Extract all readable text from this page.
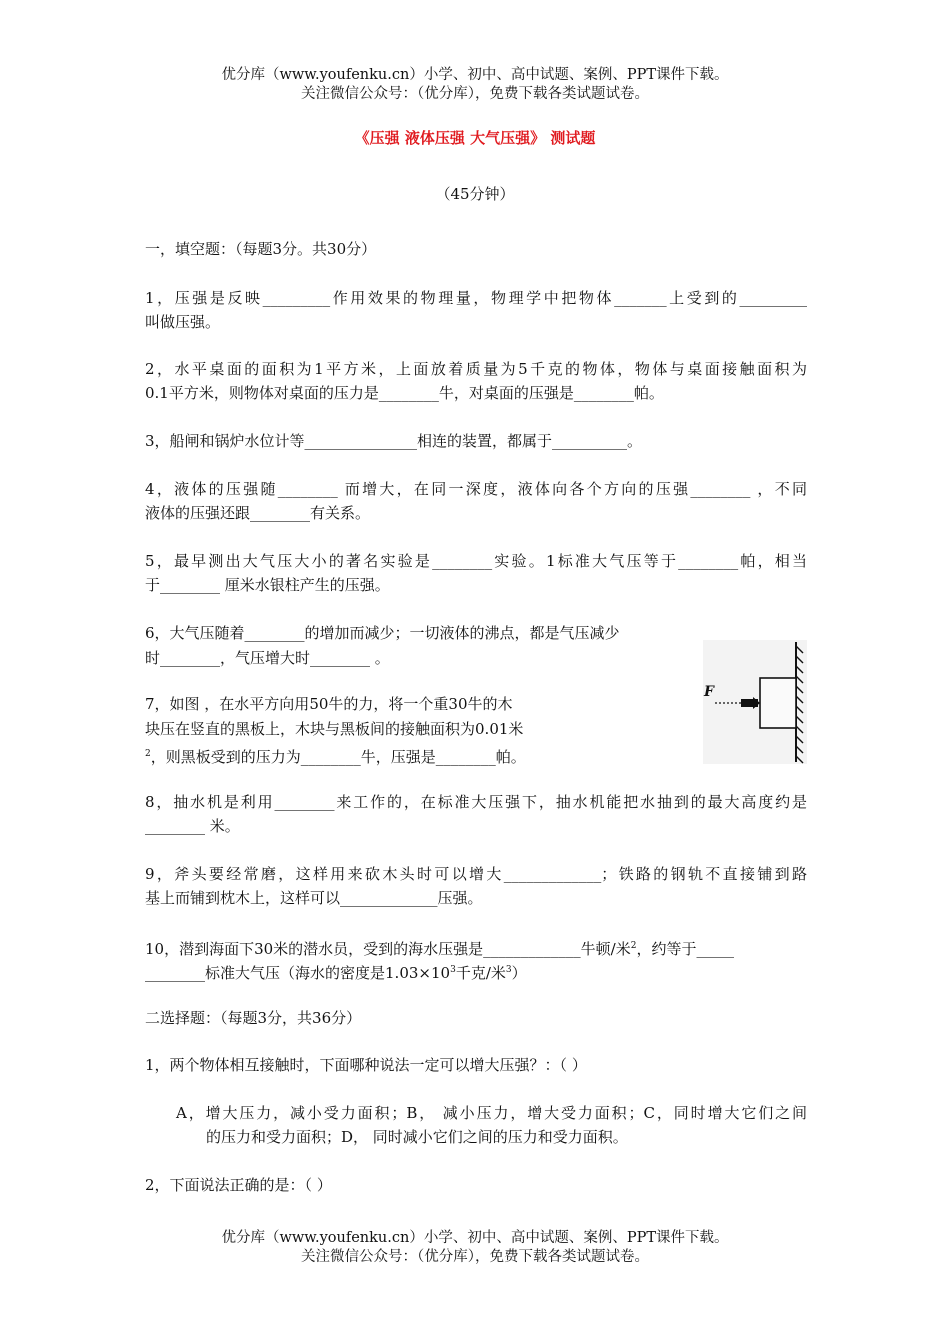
优分库（www.youfenku.cn）小学、初中、高中试题、案例、PPT课件下载。
关注微信公众号：（优分库），免费下载各类试题试卷。
《压强 液体压强 大气压强》 测试题
（45分钟）
一，填空题：（每题3分。共30分）
1，压强是反映_________作用效果的物理量，物理学中把物体_______上受到的_________
叫做压强。
2，水平桌面的面积为1平方米，上面放着质量为5千克的物体，物体与桌面接触面积为
0.1平方米，则物体对桌面的压力是________牛，对桌面的压强是________帕。
3，船闸和锅炉水位计等_______________相连的装置，都属于__________。
4，液体的压强随________ 而增大，在同一深度，液体向各个方向的压强________ ，不同
液体的压强还跟________有关系。
5，最早测出大气压大小的著名实验是________实验。1标准大气压等于________帕，相当
于________ 厘米水银柱产生的压强。
6，大气压随着________的增加而减少；一切液体的沸点，都是气压减少
时________，气压增大时________ 。
7，如图 ，在水平方向用50牛的力，将一个重30牛的木
块压在竖直的黑板上，木块与黑板间的接触面积为0.01米
$^2$，则黑板受到的压力为________牛，压强是________帕。
F
8，抽水机是利用________来工作的，在标准大压强下，抽水机能把水抽到的最大高度约是
________ 米。
9，斧头要经常磨，这样用来砍木头时可以增大_____________；铁路的钢轨不直接铺到路
基上而铺到枕木上，这样可以_____________压强。
10，潜到海面下30米的潜水员，受到的海水压强是_____________牛顿/米$^2$，约等于_____
________标准大气压（海水的密度是$1.03\times 10^3$千克/米$^3$）
二选择题：（每题3分，共36分）
1，两个物体相互接触时，下面哪种说法一定可以增大压强？：（ ）
A，增大压力，减小受力面积；B， 减小压力，增大受力面积；C，同时增大它们之间
的压力和受力面积；D， 同时减小它们之间的压力和受力面积。
2，下面说法正确的是：（ ）
优分库（www.youfenku.cn）小学、初中、高中试题、案例、PPT课件下载。
关注微信公众号：（优分库），免费下载各类试题试卷。
